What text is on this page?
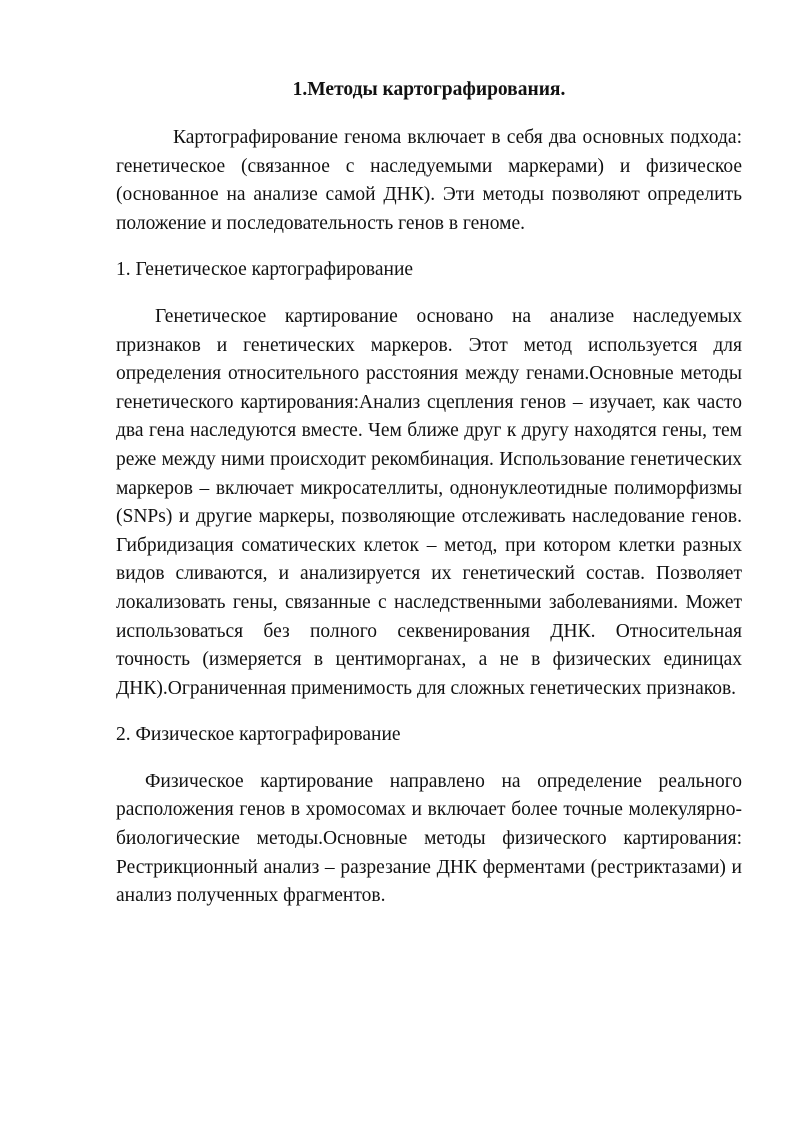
1.Методы картографирования.

Картографирование генома включает в себя два основных подхода: генетическое (связанное с наследуемыми маркерами) и физическое (основанное на анализе самой ДНК). Эти методы позволяют определить положение и последовательность генов в геноме.

1. Генетическое картографирование

Генетическое картирование основано на анализе наследуемых признаков и генетических маркеров. Этот метод используется для определения относительного расстояния между генами.Основные методы генетического картирования:Анализ сцепления генов – изучает, как часто два гена наследуются вместе. Чем ближе друг к другу находятся гены, тем реже между ними происходит рекомбинация. Использование генетических маркеров – включает микросателлиты, однонуклеотидные полиморфизмы (SNPs) и другие маркеры, позволяющие отслеживать наследование генов. Гибридизация соматических клеток – метод, при котором клетки разных видов сливаются, и анализируется их генетический состав. Позволяет локализовать гены, связанные с наследственными заболеваниями. Может использоваться без полного секвенирования ДНК. Относительная точность (измеряется в центиморганах, а не в физических единицах ДНК).Ограниченная применимость для сложных генетических признаков.

2. Физическое картографирование

Физическое картирование направлено на определение реального расположения генов в хромосомах и включает более точные молекулярно-биологические методы.Основные методы физического картирования: Рестрикционный анализ – разрезание ДНК ферментами (рестриктазами) и анализ полученных фрагментов.
